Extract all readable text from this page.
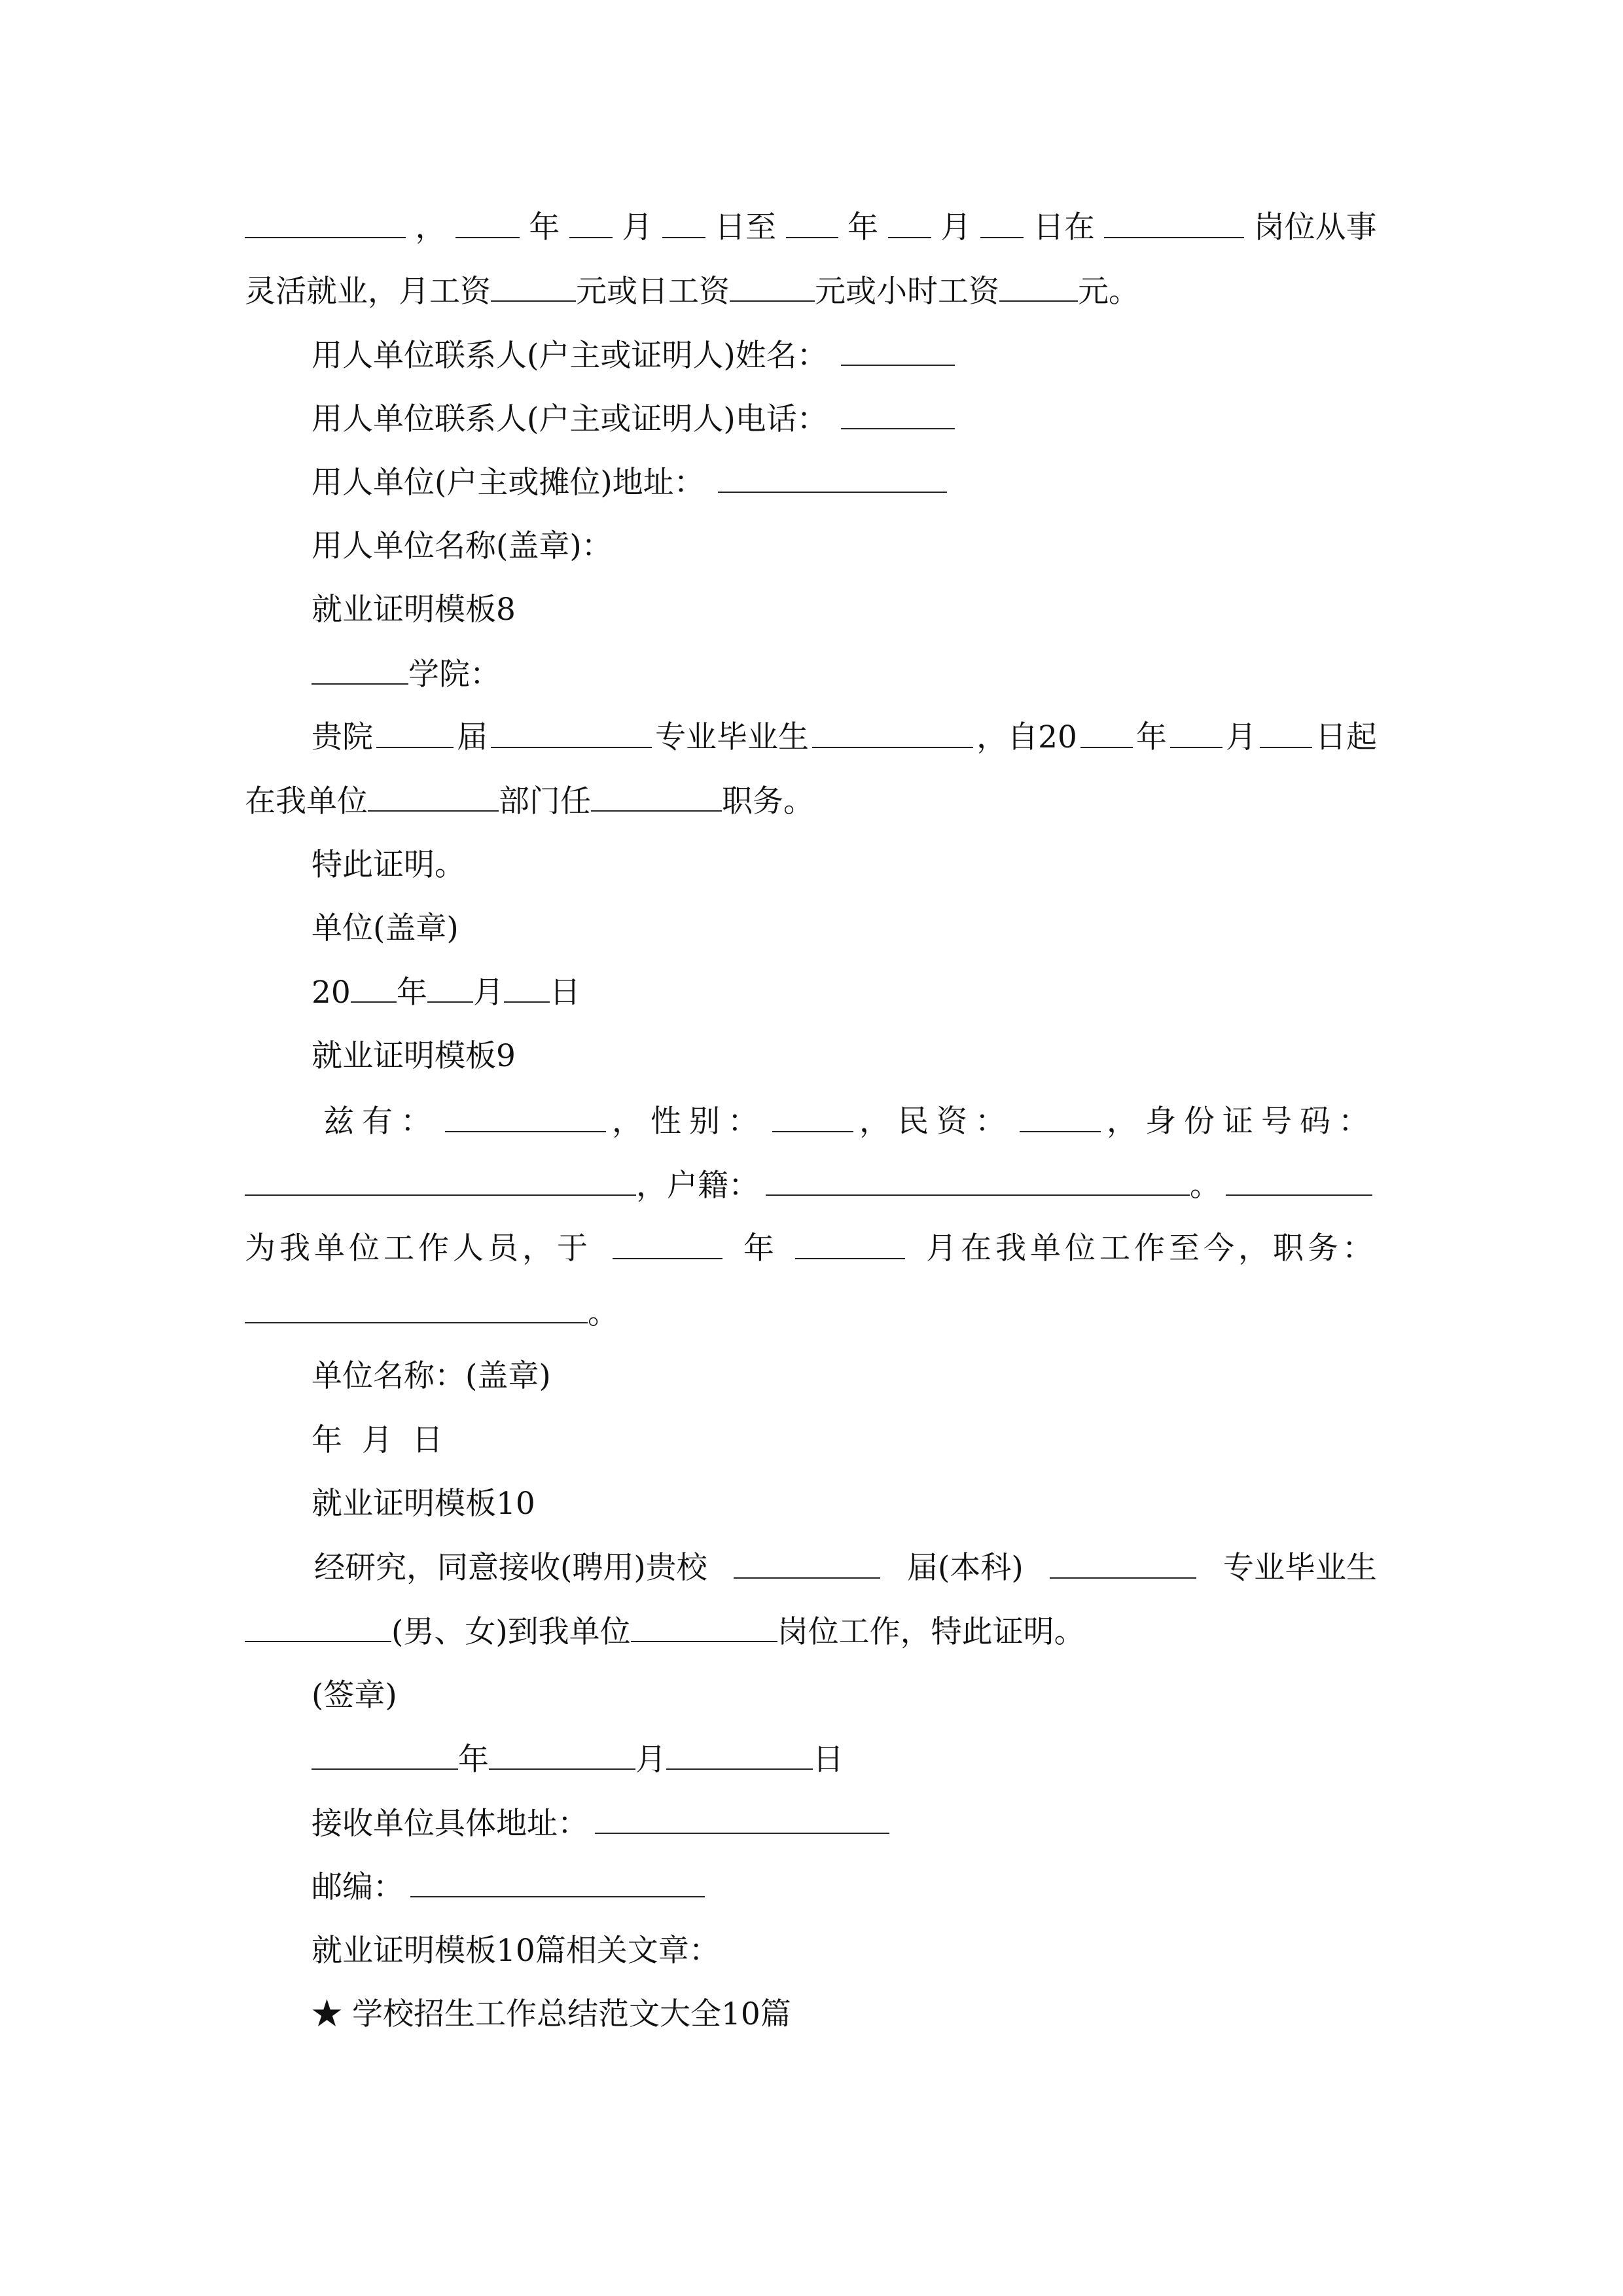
，	年 月 日至 年 月 日在	岗位从事
灵活就业，月工资	元或日工资	元或小时工资	元。
用人单位联系人(户主或证明人)姓名：
用人单位联系人(户主或证明人)电话：
用人单位(户主或摊位)地址：
用人单位名称(盖章)：
就业证明模板8
学院：
贵院	届	专业毕业生	，自20 年 月 日起
在我单位	部门任	职务。
特此证明。
单位(盖章)
20 年 月 日
就业证明模板9
兹有：	，性别：	，民资：	，身份证号码：
，户籍：	。
为我单位工作人员，于	年	月在我单位工作至今，职务：
。
单位名称：(盖章)
年  月  日
就业证明模板10
经研究，同意接收(聘用)贵校	届(本科)	专业毕业生
(男、女)到我单位	岗位工作，特此证明。
(签章)
年	月	日
接收单位具体地址：
邮编：
就业证明模板10篇相关文章：
★ 学校招生工作总结范文大全10篇
